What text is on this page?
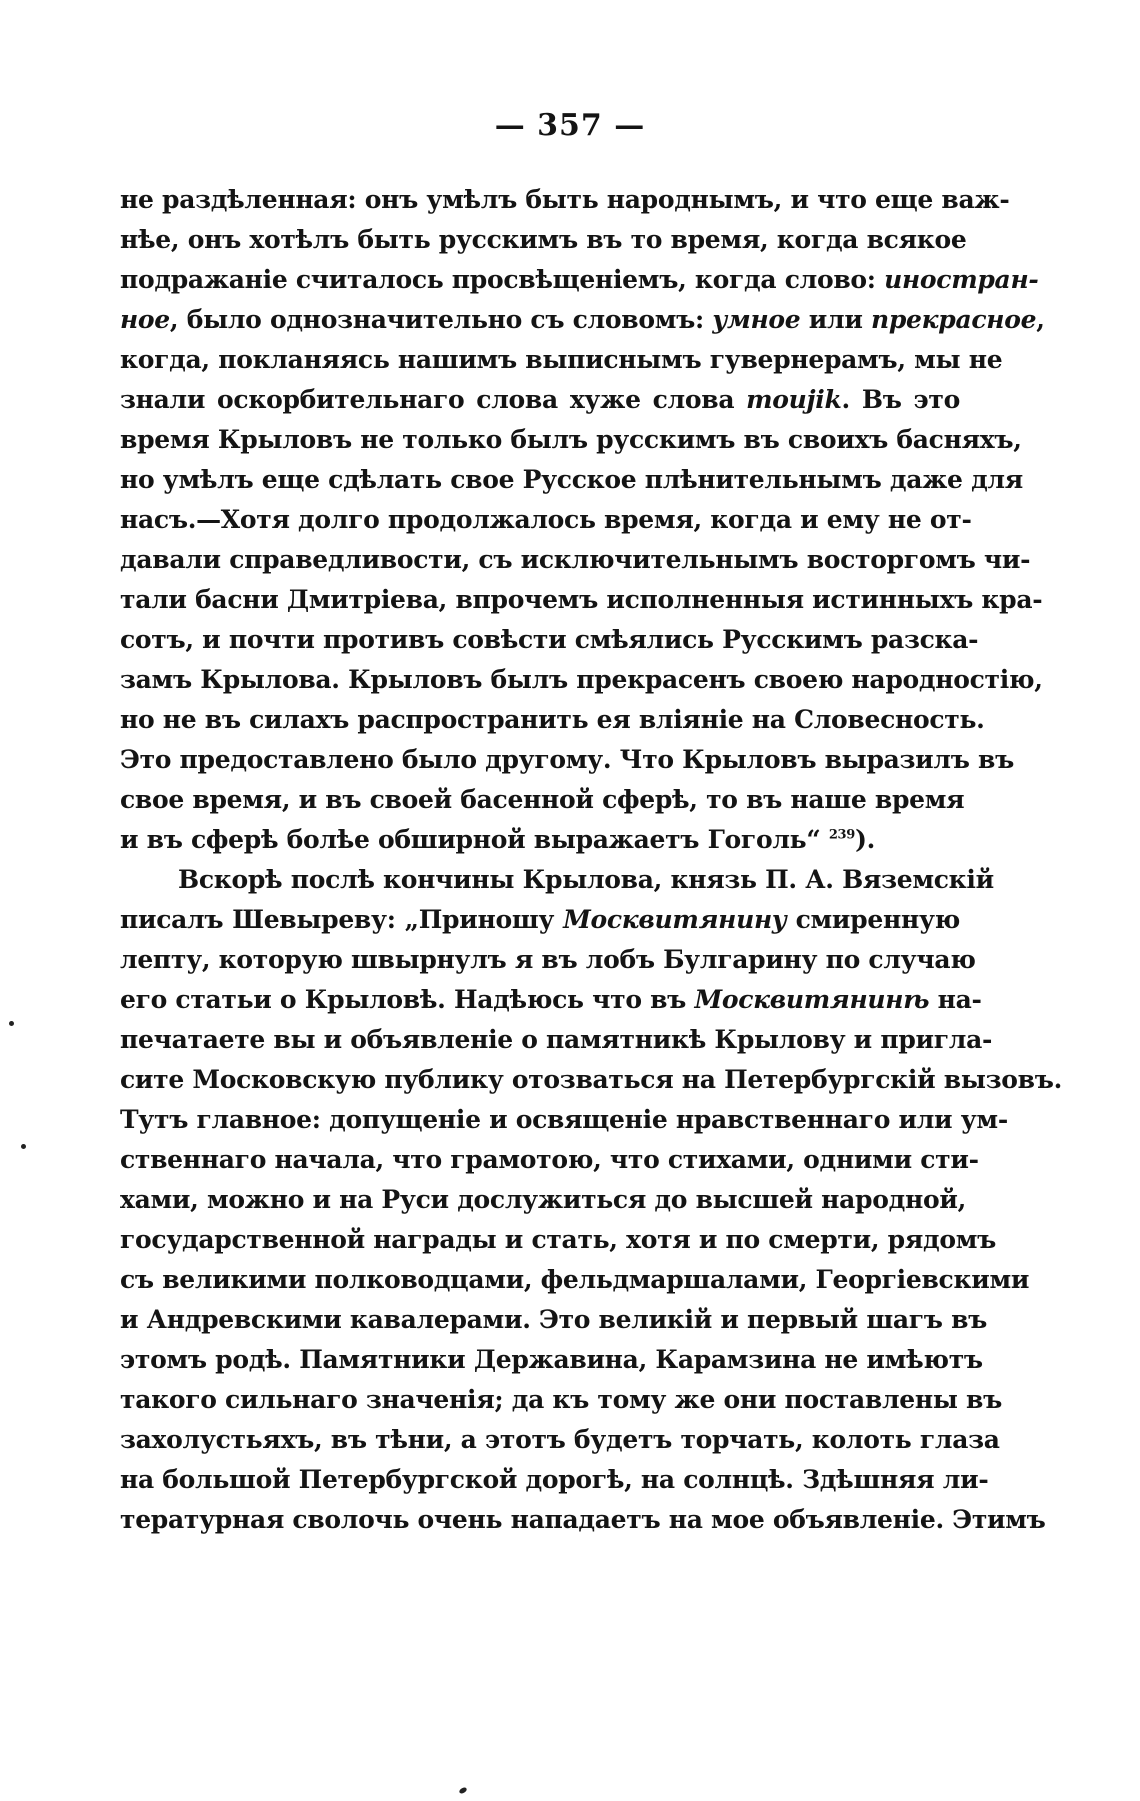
— 357 —
не раздѣленная: онъ умѣлъ быть народнымъ, и что еще важ-
нѣе, онъ хотѣлъ быть русскимъ въ то время, когда всякое
подражаніе считалось просвѣщеніемъ, когда слово: иностран-
ное, было однозначительно съ словомъ: умное или прекрасное,
когда, покланяясь нашимъ выписнымъ гувернерамъ, мы не
знали оскорбительнаго слова хуже слова moujik. Въ это
время Крыловъ не только былъ русскимъ въ своихъ басняхъ,
но умѣлъ еще сдѣлать свое Русское плѣнительнымъ даже для
насъ.—Хотя долго продолжалось время, когда и ему не от-
давали справедливости, съ исключительнымъ восторгомъ чи-
тали басни Дмитріева, впрочемъ исполненныя истинныхъ кра-
сотъ, и почти противъ совѣсти смѣялись Русскимъ разска-
замъ Крылова. Крыловъ былъ прекрасенъ своею народностію,
но не въ силахъ распространить ея вліяніе на Словесность.
Это предоставлено было другому. Что Крыловъ выразилъ въ
свое время, и въ своей басенной сферѣ, то въ наше время
и въ сферѣ болѣе обширной выражаетъ Гоголь“ $^{239}$).
Вскорѣ послѣ кончины Крылова, князь П. А. Вяземскій
писалъ Шевыреву: „Приношу Москвитянину смиренную
лепту, которую швырнулъ я въ лобъ Булгарину по случаю
его статьи о Крыловѣ. Надѣюсь что въ Москвитянинѣ на-
печатаете вы и объявленіе о памятникѣ Крылову и пригла-
сите Московскую публику отозваться на Петербургскій вызовъ.
Тутъ главное: допущеніе и освященіе нравственнаго или ум-
ственнаго начала, что грамотою, что стихами, одними сти-
хами, можно и на Руси дослужиться до высшей народной,
государственной награды и стать, хотя и по смерти, рядомъ
съ великими полководцами, фельдмаршалами, Георгіевскими
и Андревскими кавалерами. Это великій и первый шагъ въ
этомъ родѣ. Памятники Державина, Карамзина не имѣютъ
такого сильнаго значенія; да къ тому же они поставлены въ
захолустьяхъ, въ тѣни, а этотъ будетъ торчать, колоть глаза
на большой Петербургской дорогѣ, на солнцѣ. Здѣшняя ли-
тературная сволочь очень нападаетъ на мое объявленіе. Этимъ
